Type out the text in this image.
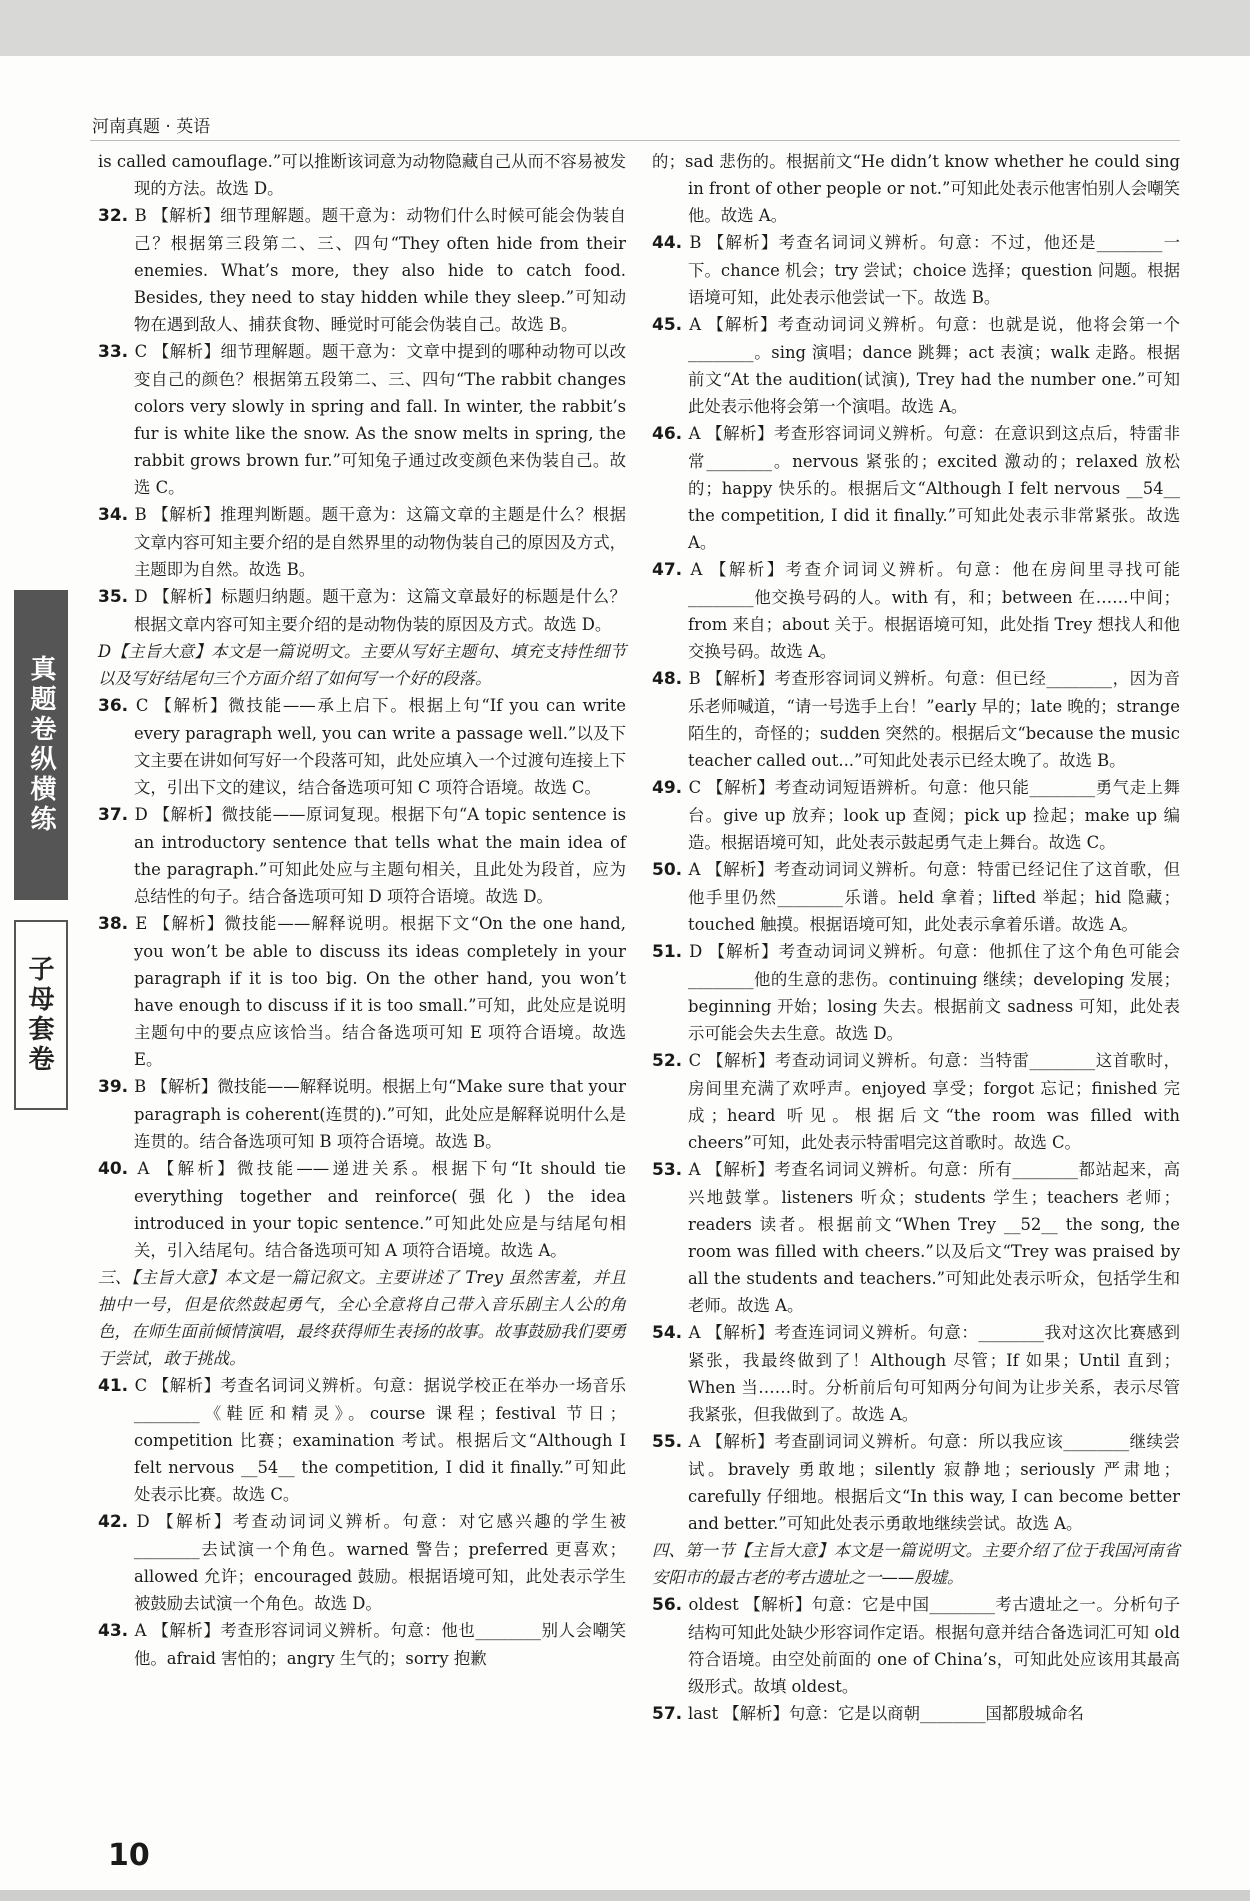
河南真题 · 英语
真题卷纵横练
子母套卷

is called camouflage.”可以推断该词意为动物隐藏自己从而不容易被发现的方法。故选 D。

32. B 【解析】细节理解题。题干意为：动物们什么时候可能会伪装自己？根据第三段第二、三、四句“They often hide from their enemies. What’s more, they also hide to catch food. Besides, they need to stay hidden while they sleep.”可知动物在遇到敌人、捕获食物、睡觉时可能会伪装自己。故选 B。

33. C 【解析】细节理解题。题干意为：文章中提到的哪种动物可以改变自己的颜色？根据第五段第二、三、四句“The rabbit changes colors very slowly in spring and fall. In winter, the rabbit’s fur is white like the snow. As the snow melts in spring, the rabbit grows brown fur.”可知兔子通过改变颜色来伪装自己。故选 C。

34. B 【解析】推理判断题。题干意为：这篇文章的主题是什么？根据文章内容可知主要介绍的是自然界里的动物伪装自己的原因及方式，主题即为自然。故选 B。

35. D 【解析】标题归纳题。题干意为：这篇文章最好的标题是什么？根据文章内容可知主要介绍的是动物伪装的原因及方式。故选 D。

D【主旨大意】本文是一篇说明文。主要从写好主题句、填充支持性细节以及写好结尾句三个方面介绍了如何写一个好的段落。

36. C 【解析】微技能——承上启下。根据上句“If you can write every paragraph well, you can write a passage well.”以及下文主要在讲如何写好一个段落可知，此处应填入一个过渡句连接上下文，引出下文的建议，结合备选项可知 C 项符合语境。故选 C。

37. D 【解析】微技能——原词复现。根据下句“A topic sentence is an introductory sentence that tells what the main idea of the paragraph.”可知此处应与主题句相关，且此处为段首，应为总结性的句子。结合备选项可知 D 项符合语境。故选 D。

38. E 【解析】微技能——解释说明。根据下文“On the one hand, you won’t be able to discuss its ideas completely in your paragraph if it is too big. On the other hand, you won’t have enough to discuss if it is too small.”可知，此处应是说明主题句中的要点应该恰当。结合备选项可知 E 项符合语境。故选 E。

39. B 【解析】微技能——解释说明。根据上句“Make sure that your paragraph is coherent(连贯的).”可知，此处应是解释说明什么是连贯的。结合备选项可知 B 项符合语境。故选 B。

40. A 【解析】微技能——递进关系。根据下句“It should tie everything together and reinforce(强化) the idea introduced in your topic sentence.”可知此处应是与结尾句相关，引入结尾句。结合备选项可知 A 项符合语境。故选 A。

三、【主旨大意】本文是一篇记叙文。主要讲述了 Trey 虽然害羞，并且抽中一号，但是依然鼓起勇气，全心全意将自己带入音乐剧主人公的角色，在师生面前倾情演唱，最终获得师生表扬的故事。故事鼓励我们要勇于尝试，敢于挑战。

41. C 【解析】考查名词词义辨析。句意：据说学校正在举办一场音乐________《鞋匠和精灵》。course 课程；festival 节日；competition 比赛；examination 考试。根据后文“Although I felt nervous __54__ the competition, I did it finally.”可知此处表示比赛。故选 C。

42. D 【解析】考查动词词义辨析。句意：对它感兴趣的学生被________去试演一个角色。warned 警告；preferred 更喜欢；allowed 允许；encouraged 鼓励。根据语境可知，此处表示学生被鼓励去试演一个角色。故选 D。

43. A 【解析】考查形容词词义辨析。句意：他也________别人会嘲笑他。afraid 害怕的；angry 生气的；sorry 抱歉

的；sad 悲伤的。根据前文“He didn’t know whether he could sing in front of other people or not.”可知此处表示他害怕别人会嘲笑他。故选 A。

44. B 【解析】考查名词词义辨析。句意：不过，他还是________一下。chance 机会；try 尝试；choice 选择；question 问题。根据语境可知，此处表示他尝试一下。故选 B。

45. A 【解析】考查动词词义辨析。句意：也就是说，他将会第一个________。sing 演唱；dance 跳舞；act 表演；walk 走路。根据前文“At the audition(试演), Trey had the number one.”可知此处表示他将会第一个演唱。故选 A。

46. A 【解析】考查形容词词义辨析。句意：在意识到这点后，特雷非常________。nervous 紧张的；excited 激动的；relaxed 放松的；happy 快乐的。根据后文“Although I felt nervous __54__ the competition, I did it finally.”可知此处表示非常紧张。故选 A。

47. A 【解析】考查介词词义辨析。句意：他在房间里寻找可能________他交换号码的人。with 有，和；between 在……中间；from 来自；about 关于。根据语境可知，此处指 Trey 想找人和他交换号码。故选 A。

48. B 【解析】考查形容词词义辨析。句意：但已经________，因为音乐老师喊道，“请一号选手上台！”early 早的；late 晚的；strange 陌生的，奇怪的；sudden 突然的。根据后文“because the music teacher called out...”可知此处表示已经太晚了。故选 B。

49. C 【解析】考查动词短语辨析。句意：他只能________勇气走上舞台。give up 放弃；look up 查阅；pick up 捡起；make up 编造。根据语境可知，此处表示鼓起勇气走上舞台。故选 C。

50. A 【解析】考查动词词义辨析。句意：特雷已经记住了这首歌，但他手里仍然________乐谱。held 拿着；lifted 举起；hid 隐藏；touched 触摸。根据语境可知，此处表示拿着乐谱。故选 A。

51. D 【解析】考查动词词义辨析。句意：他抓住了这个角色可能会________他的生意的悲伤。continuing 继续；developing 发展；beginning 开始；losing 失去。根据前文 sadness 可知，此处表示可能会失去生意。故选 D。

52. C 【解析】考查动词词义辨析。句意：当特雷________这首歌时，房间里充满了欢呼声。enjoyed 享受；forgot 忘记；finished 完成；heard 听见。根据后文“the room was filled with cheers”可知，此处表示特雷唱完这首歌时。故选 C。

53. A 【解析】考查名词词义辨析。句意：所有________都站起来，高兴地鼓掌。listeners 听众；students 学生；teachers 老师；readers 读者。根据前文“When Trey __52__ the song, the room was filled with cheers.”以及后文“Trey was praised by all the students and teachers.”可知此处表示听众，包括学生和老师。故选 A。

54. A 【解析】考查连词词义辨析。句意：________我对这次比赛感到紧张，我最终做到了！Although 尽管；If 如果；Until 直到；When 当……时。分析前后句可知两分句间为让步关系，表示尽管我紧张，但我做到了。故选 A。

55. A 【解析】考查副词词义辨析。句意：所以我应该________继续尝试。bravely 勇敢地；silently 寂静地；seriously 严肃地；carefully 仔细地。根据后文“In this way, I can become better and better.”可知此处表示勇敢地继续尝试。故选 A。

四、第一节【主旨大意】本文是一篇说明文。主要介绍了位于我国河南省安阳市的最古老的考古遗址之一——殷墟。

56. oldest 【解析】句意：它是中国________考古遗址之一。分析句子结构可知此处缺少形容词作定语。根据句意并结合备选词汇可知 old 符合语境。由空处前面的 one of China’s，可知此处应该用其最高级形式。故填 oldest。

57. last 【解析】句意：它是以商朝________国都殷城命名

10
